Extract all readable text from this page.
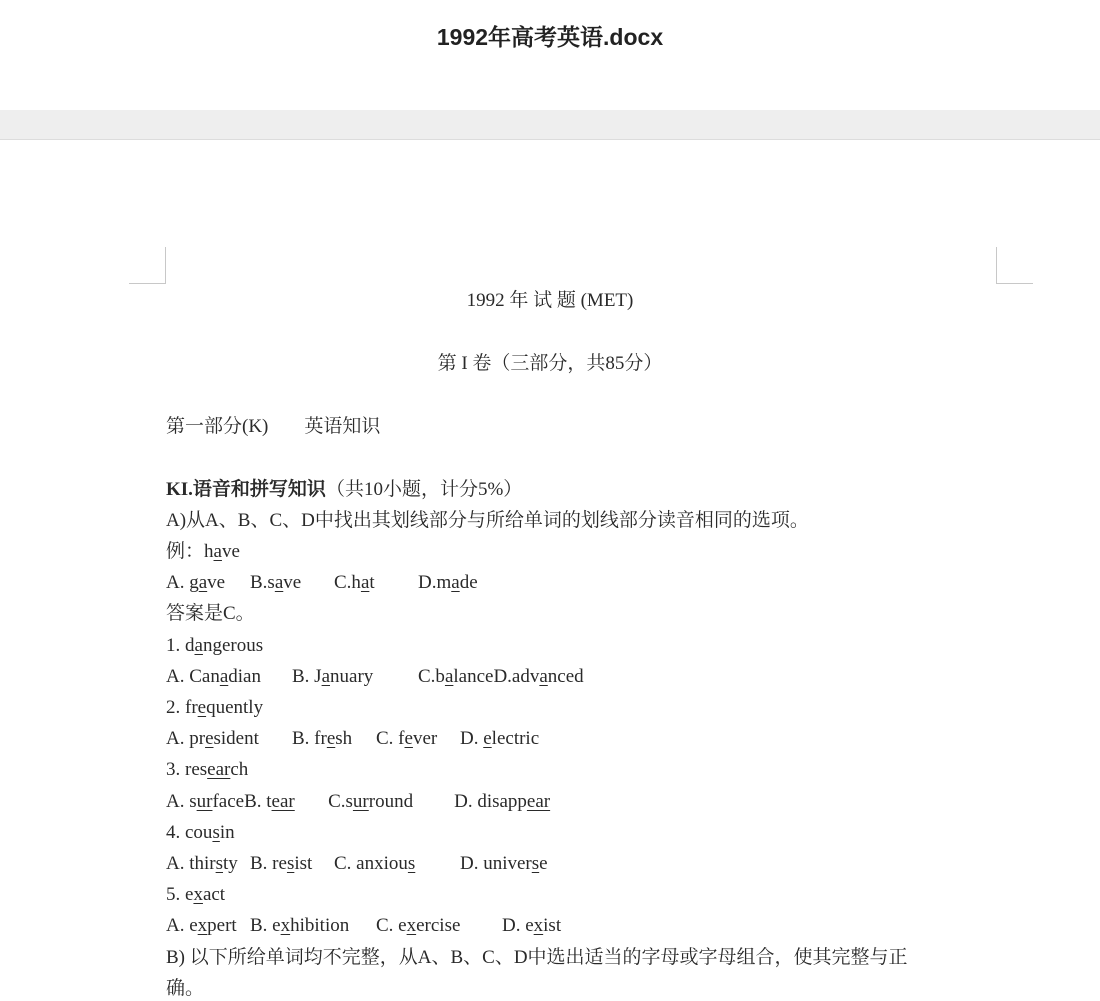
1992年高考英语.docx
1992 年 试 题 (MET)
第 I 卷（三部分，共85分）
第一部分(K) 英语知识
KI.语音和拼写知识（共10小题，计分5%）
A)从A、B、C、D中找出其划线部分与所给单词的划线部分读音相同的选项。
例：have
A. gave B.save C.hat D.made
答案是C。
1. dangerous
A. Canadian B. January C.balanceD.advanced
2. frequently
A. president B. fresh C. fever D. electric
3. research
A. surfaceB. tear C.surround D. disappear
4. cousin
A. thirsty B. resist C. anxious D. universe
5. exact
A. expert B. exhibition C. exercise D. exist
B) 以下所给单词均不完整，从A、B、C、D中选出适当的字母或字母组合，使其完整与正
确。
